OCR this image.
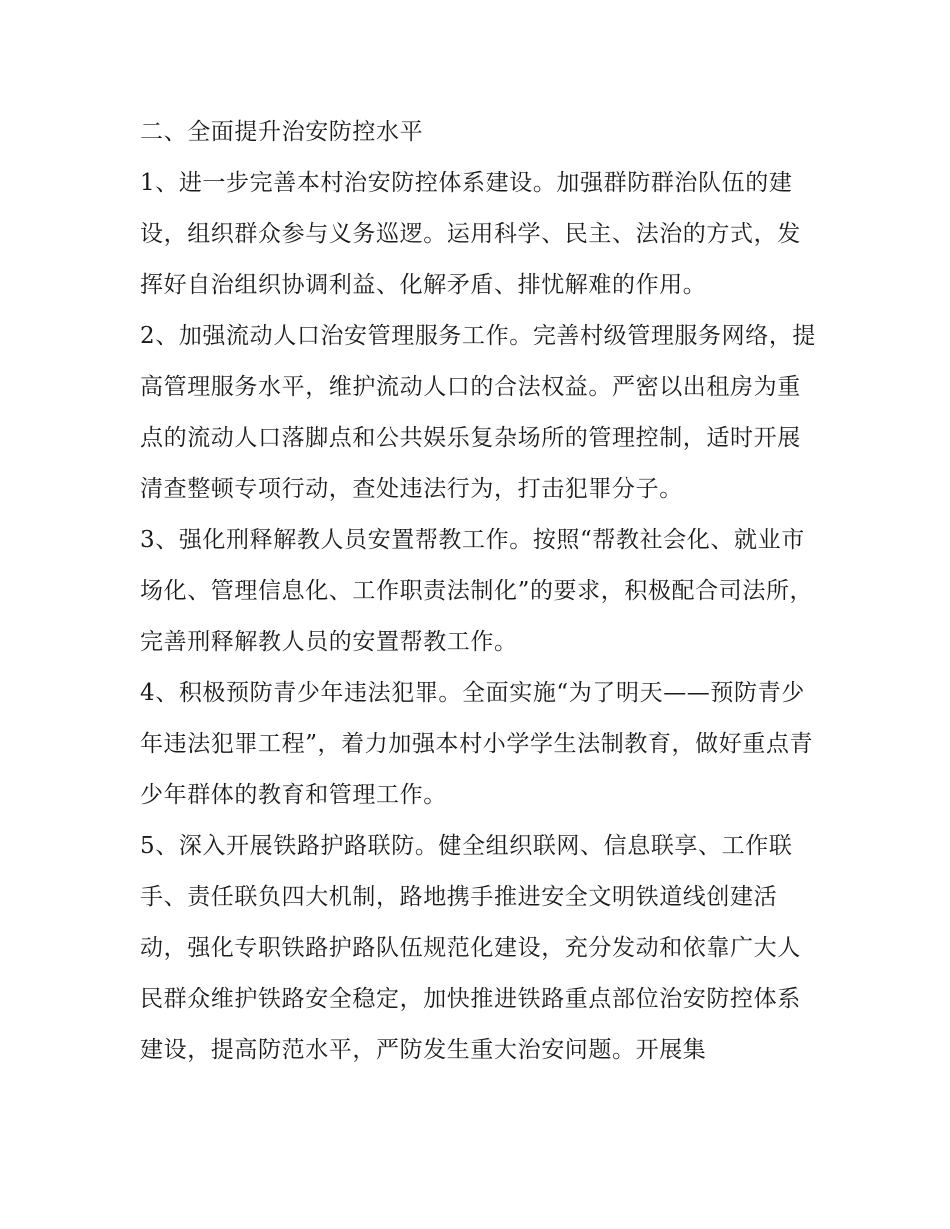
二、全面提升治安防控水平

1、进一步完善本村治安防控体系建设。加强群防群治队伍的建设，组织群众参与义务巡逻。运用科学、民主、法治的方式，发挥好自治组织协调利益、化解矛盾、排忧解难的作用。

2、加强流动人口治安管理服务工作。完善村级管理服务网络，提高管理服务水平，维护流动人口的合法权益。严密以出租房为重点的流动人口落脚点和公共娱乐复杂场所的管理控制，适时开展清查整顿专项行动，查处违法行为，打击犯罪分子。

3、强化刑释解教人员安置帮教工作。按照“帮教社会化、就业市场化、管理信息化、工作职责法制化”的要求，积极配合司法所，完善刑释解教人员的安置帮教工作。

4、积极预防青少年违法犯罪。全面实施“为了明天——预防青少年违法犯罪工程”，着力加强本村小学学生法制教育，做好重点青少年群体的教育和管理工作。

5、深入开展铁路护路联防。健全组织联网、信息联享、工作联手、责任联负四大机制，路地携手推进安全文明铁道线创建活动，强化专职铁路护路队伍规范化建设，充分发动和依靠广大人民群众维护铁路安全稳定，加快推进铁路重点部位治安防控体系建设，提高防范水平，严防发生重大治安问题。开展集
